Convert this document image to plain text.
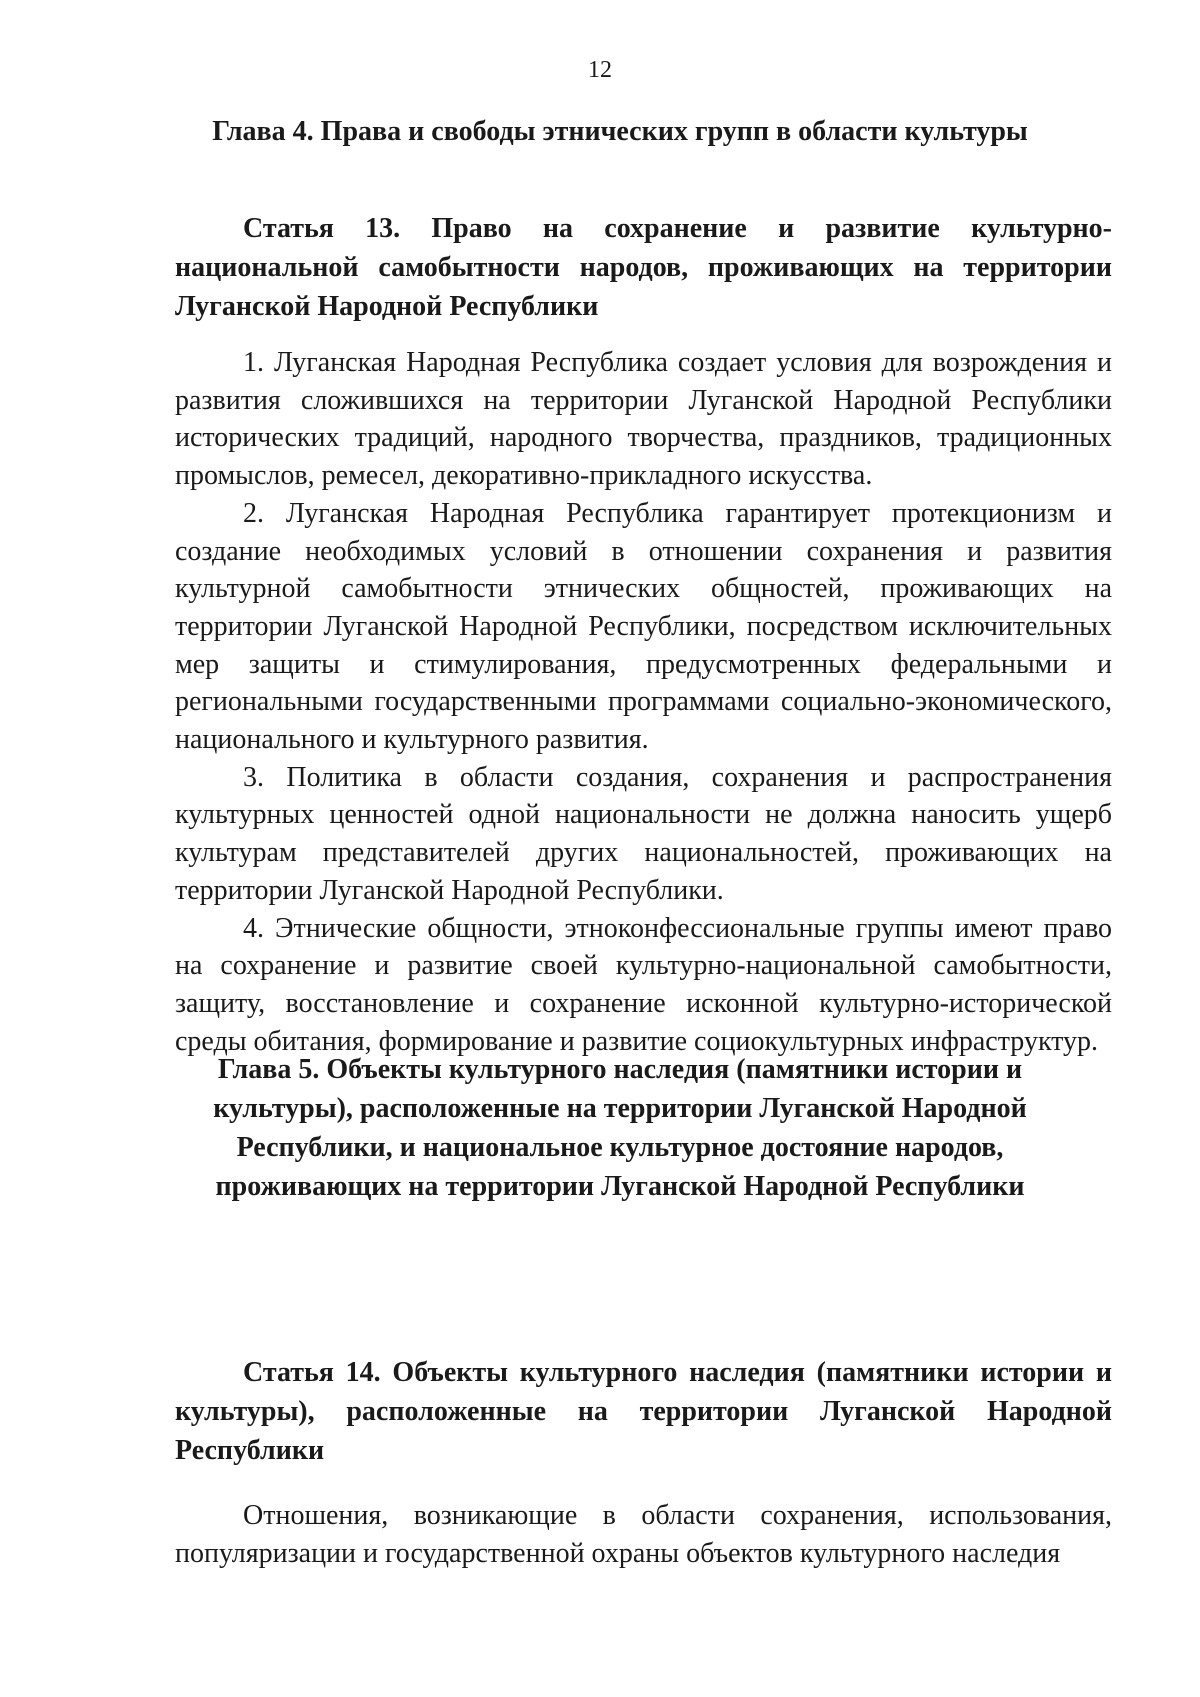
12
Глава 4. Права и свободы этнических групп в области культуры
Статья 13. Право на сохранение и развитие культурно-национальной самобытности народов, проживающих на территории Луганской Народной Республики

1. Луганская Народная Республика создает условия для возрождения и развития сложившихся на территории Луганской Народной Республики исторических традиций, народного творчества, праздников, традиционных промыслов, ремесел, декоративно-прикладного искусства.

2. Луганская Народная Республика гарантирует протекционизм и создание необходимых условий в отношении сохранения и развития культурной самобытности этнических общностей, проживающих на территории Луганской Народной Республики, посредством исключительных мер защиты и стимулирования, предусмотренных федеральными и региональными государственными программами социально-экономического, национального и культурного развития.

3. Политика в области создания, сохранения и распространения культурных ценностей одной национальности не должна наносить ущерб культурам представителей других национальностей, проживающих на территории Луганской Народной Республики.

4. Этнические общности, этноконфессиональные группы имеют право на сохранение и развитие своей культурно-национальной самобытности, защиту, восстановление и сохранение исконной культурно-исторической среды обитания, формирование и развитие социокультурных инфраструктур.

Глава 5. Объекты культурного наследия (памятники истории и культуры), расположенные на территории Луганской Народной Республики, и национальное культурное достояние народов, проживающих на территории Луганской Народной Республики
Статья 14. Объекты культурного наследия (памятники истории и культуры), расположенные на территории Луганской Народной Республики

Отношения, возникающие в области сохранения, использования, популяризации и государственной охраны объектов культурного наследия
